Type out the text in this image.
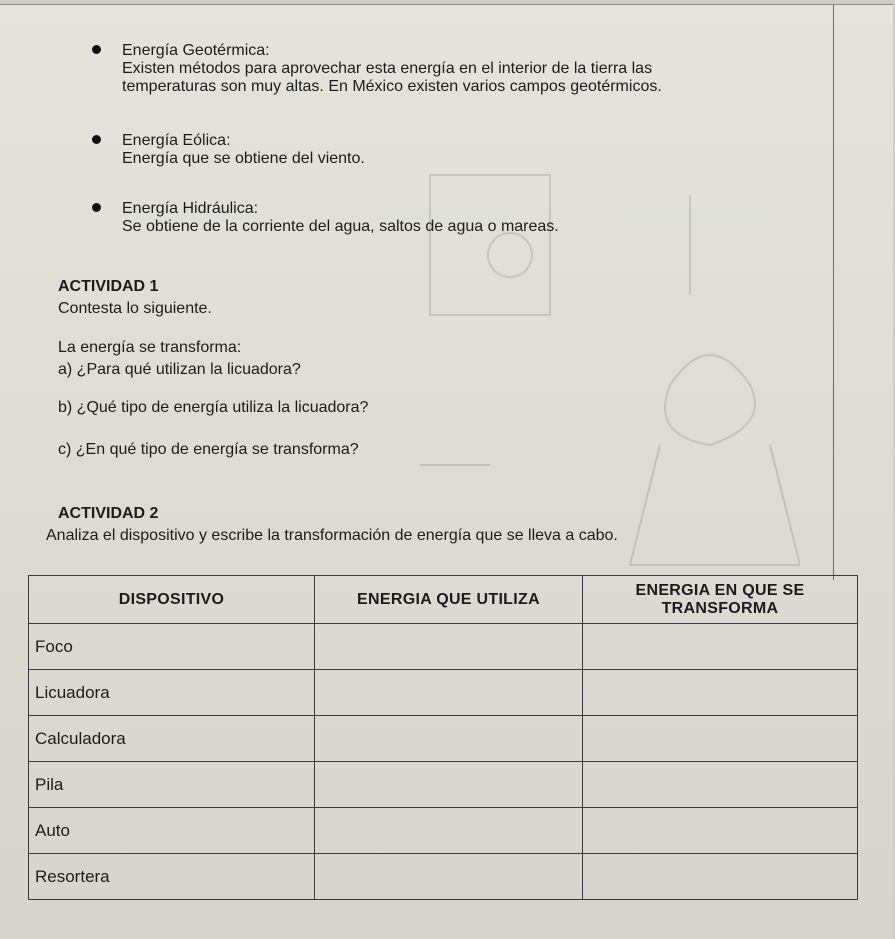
Energía Geotérmica:
Existen métodos para aprovechar esta energía en el interior de la tierra las
temperaturas son muy altas. En México existen varios campos geotérmicos.
Energía Eólica:
Energía que se obtiene del viento.
Energía Hidráulica:
Se obtiene de la corriente del agua, saltos de agua o mareas.
ACTIVIDAD 1
Contesta lo siguiente.
La energía se transforma:
a) ¿Para qué utilizan la licuadora?
b) ¿Qué tipo de energía utiliza la licuadora?
c) ¿En qué tipo de energía se transforma?
ACTIVIDAD 2
Analiza el dispositivo y escribe la transformación de energía que se lleva a cabo.
DISPOSITIVO	ENERGIA QUE UTILIZA	ENERGIA EN QUE SE
TRANSFORMA

Foco		
Licuadora		
Calculadora		
Pila		
Auto		
Resortera		
